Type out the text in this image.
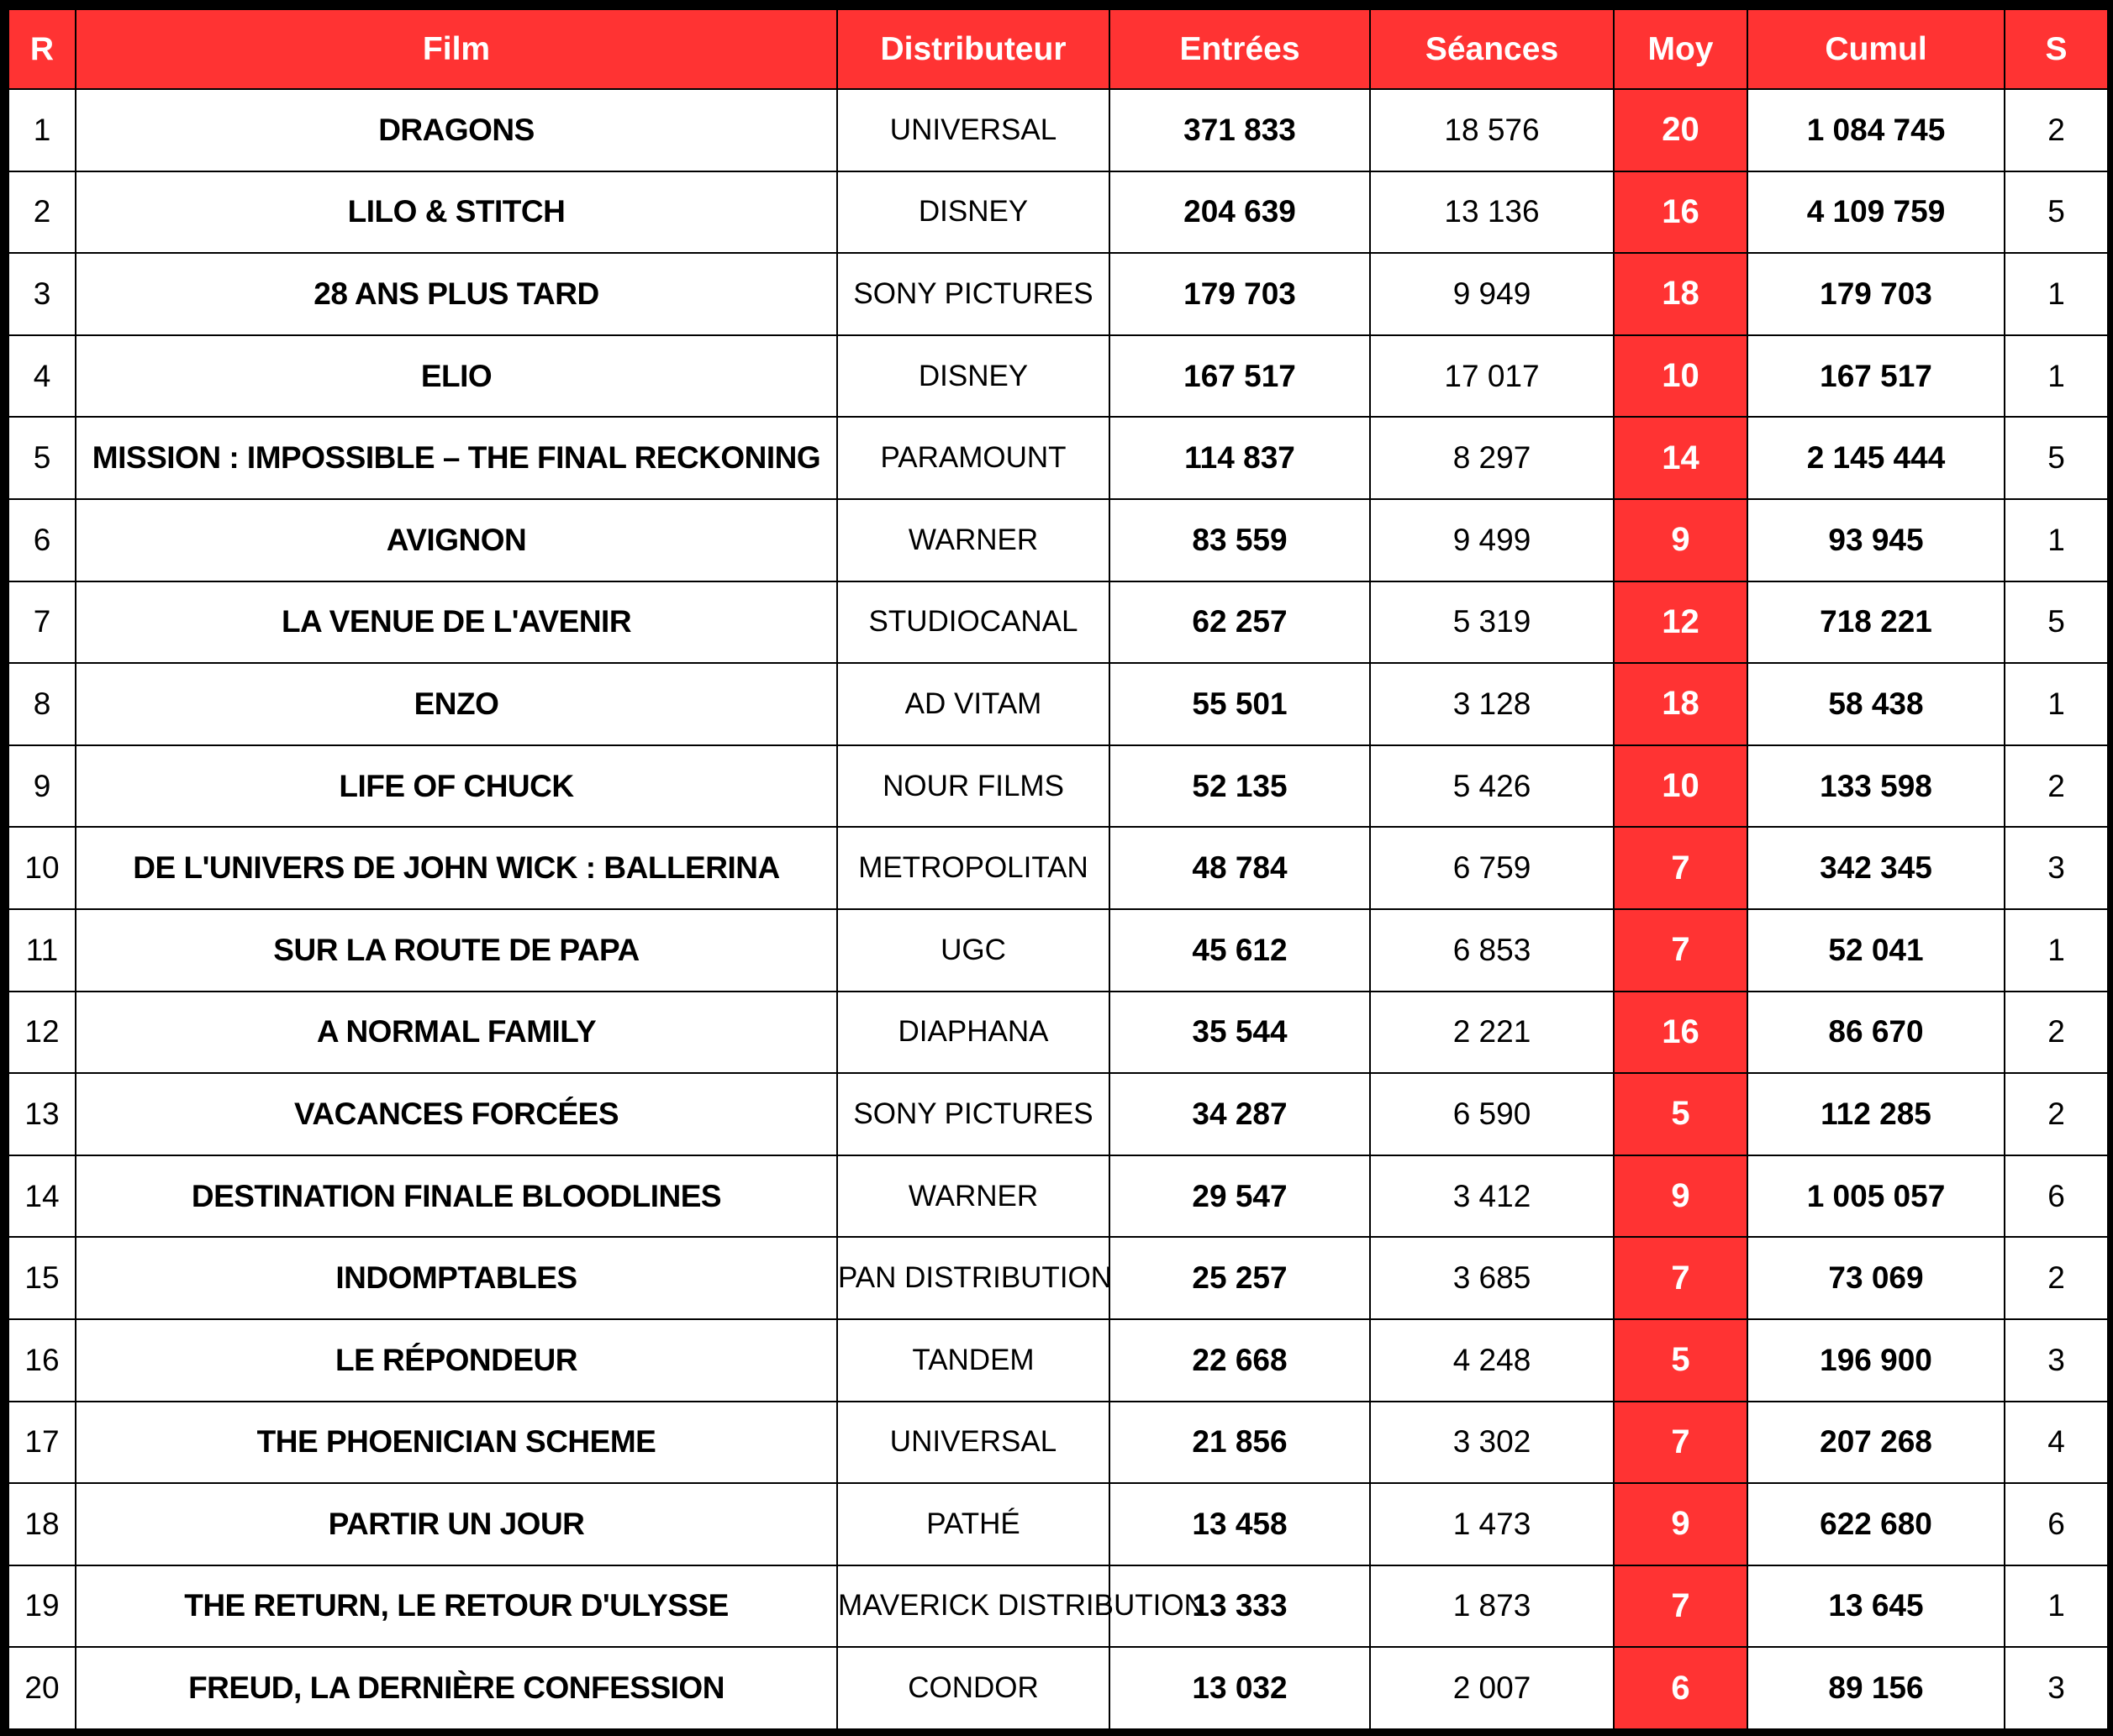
R	Film	Distributeur	Entrées	Séances	Moy	Cumul	S
1	DRAGONS	UNIVERSAL	371 833	18 576	20	1 084 745	2
2	LILO & STITCH	DISNEY	204 639	13 136	16	4 109 759	5
3	28 ANS PLUS TARD	SONY PICTURES	179 703	9 949	18	179 703	1
4	ELIO	DISNEY	167 517	17 017	10	167 517	1
5	MISSION : IMPOSSIBLE – THE FINAL RECKONING	PARAMOUNT	114 837	8 297	14	2 145 444	5
6	AVIGNON	WARNER	83 559	9 499	9	93 945	1
7	LA VENUE DE L'AVENIR	STUDIOCANAL	62 257	5 319	12	718 221	5
8	ENZO	AD VITAM	55 501	3 128	18	58 438	1
9	LIFE OF CHUCK	NOUR FILMS	52 135	5 426	10	133 598	2
10	DE L'UNIVERS DE JOHN WICK : BALLERINA	METROPOLITAN	48 784	6 759	7	342 345	3
11	SUR LA ROUTE DE PAPA	UGC	45 612	6 853	7	52 041	1
12	A NORMAL FAMILY	DIAPHANA	35 544	2 221	16	86 670	2
13	VACANCES FORCÉES	SONY PICTURES	34 287	6 590	5	112 285	2
14	DESTINATION FINALE BLOODLINES	WARNER	29 547	3 412	9	1 005 057	6
15	INDOMPTABLES	PAN DISTRIBUTION	25 257	3 685	7	73 069	2
16	LE RÉPONDEUR	TANDEM	22 668	4 248	5	196 900	3
17	THE PHOENICIAN SCHEME	UNIVERSAL	21 856	3 302	7	207 268	4
18	PARTIR UN JOUR	PATHÉ	13 458	1 473	9	622 680	6
19	THE RETURN, LE RETOUR D'ULYSSE	MAVERICK DISTRIBUTION	13 333	1 873	7	13 645	1
20	FREUD, LA DERNIÈRE CONFESSION	CONDOR	13 032	2 007	6	89 156	3
